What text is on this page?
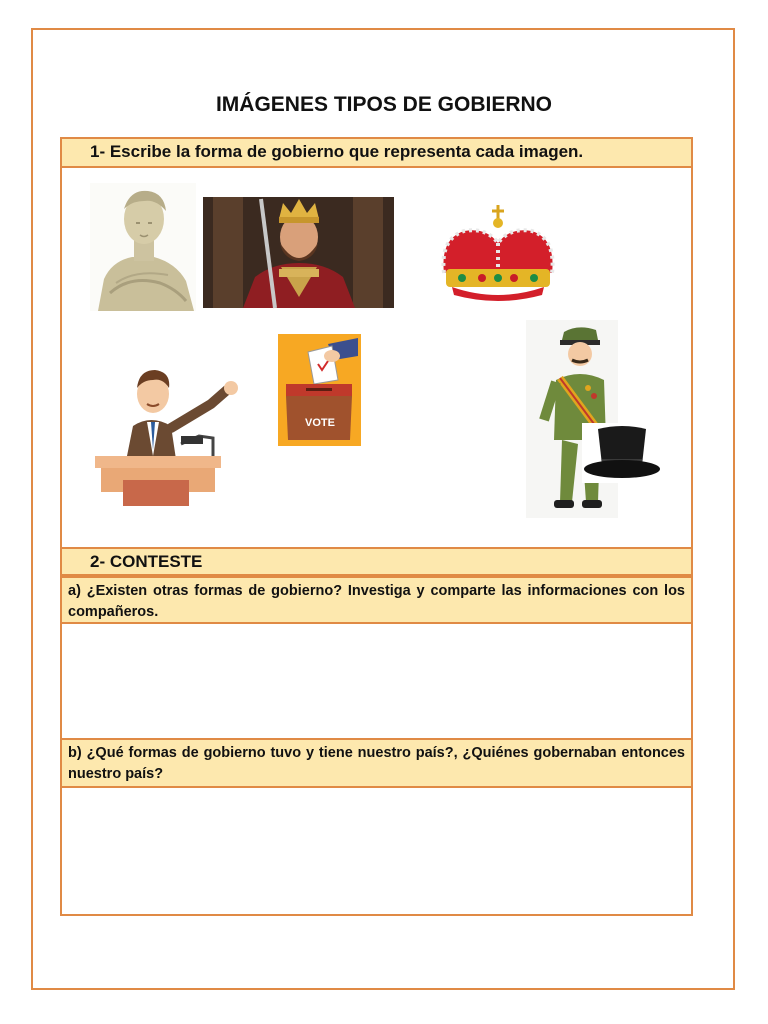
IMÁGENES TIPOS DE GOBIERNO
1- Escribe la forma de gobierno que representa cada imagen.
2- CONTESTE
a) ¿Existen otras formas de gobierno? Investiga y comparte las informaciones con los compañeros.
b) ¿Qué formas de gobierno tuvo y tiene nuestro país?, ¿Quiénes gobernaban entonces nuestro país?
VOTE
